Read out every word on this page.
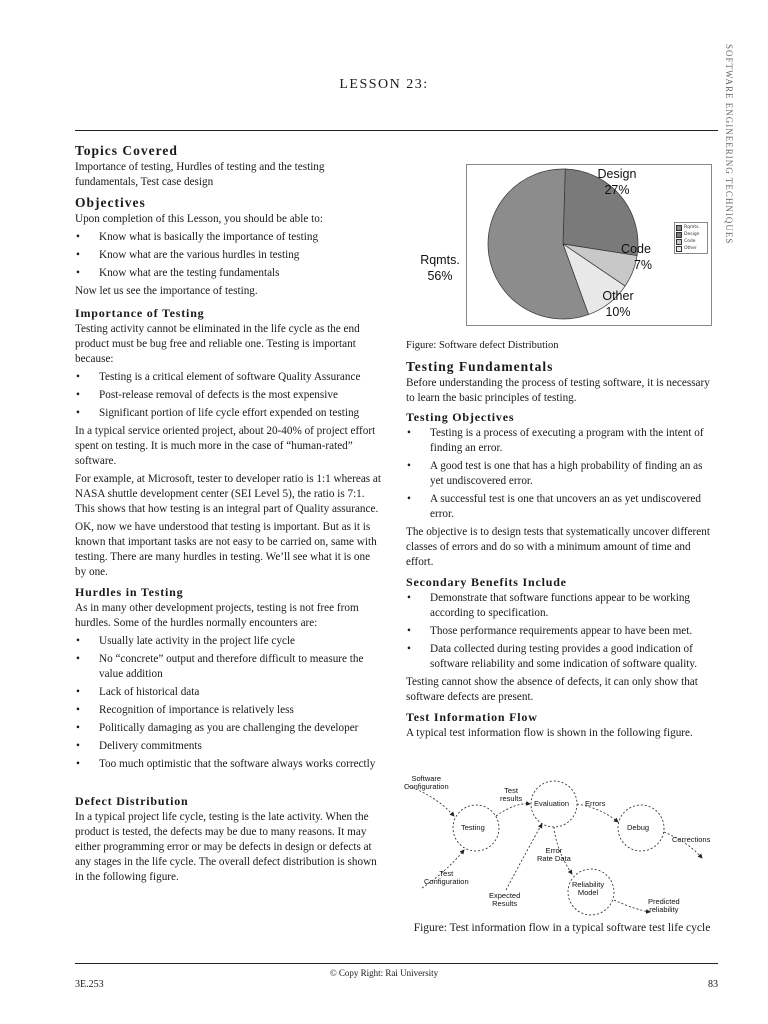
SOFTWARE ENGINEERING TECHNIQUES
LESSON 23:
Topics Covered

Importance of testing, Hurdles of testing and the testing fundamentals, Test case design

Objectives

Upon completion of this Lesson, you should be able to:

• Know what is basically the importance of testing
• Know what are the various hurdles in testing
• Know what are the testing fundamentals

Now let us see the importance of testing.

Importance of Testing

Testing activity cannot be eliminated in the life cycle as the end product must be bug free and reliable one. Testing is important because:

• Testing is a critical element of software Quality Assurance
• Post-release removal of defects is the most expensive
• Significant portion of life cycle effort expended on testing

In a typical service oriented project, about 20-40% of project effort spent on testing. It is much more in the case of “human-rated” software.

For example, at Microsoft, tester to developer ratio is 1:1 whereas at NASA shuttle development center (SEI Level 5), the ratio is 7:1. This shows that how testing is an integral part of Quality assurance.

OK, now we have understood that testing is important. But as it is known that important tasks are not easy to be carried on, same with testing. There are many hurdles in testing. We’ll see what it is one by one.

Hurdles in Testing

As in many other development projects, testing is not free from hurdles. Some of the hurdles normally encounters are:

• Usually late activity in the project life cycle
• No “concrete” output and therefore difficult to measure the value addition
• Lack of historical data
• Recognition of importance is relatively less
• Politically damaging as you are challenging the developer
• Delivery commitments
• Too much optimistic that the software always works correctly
Defect Distribution

In a typical project life cycle, testing is the late activity. When the product is tested, the defects may be due to many reasons. It may either programming error or may be defects in design or defects at any stages in the life cycle. The overall defect distribution is shown in the following figure.

Rqmts.
Design
Code
Other
Design
27%
Rqmts.
56%
Code
7%
Other
10%
Figure: Software defect Distribution
Testing Fundamentals

Before understanding the process of testing software, it is necessary to learn the basic principles of testing.

Testing Objectives
• Testing is a process of executing a program with the intent of finding an error.
• A good test is one that has a high probability of finding an as yet undiscovered error.
• A successful test is one that uncovers an as yet undiscovered error.

The objective is to design tests that systematically uncover different classes of errors and do so with a minimum amount of time and effort.

Secondary Benefits Include
• Demonstrate that software functions appear to be working according to specification.
• Those performance requirements appear to have been met.
• Data collected during testing provides a good indication of software reliability and some indication of software quality.

Testing cannot show the absence of defects, it can only show that software defects are present.

Test Information Flow

A typical test information flow is shown in the following figure.

Software
Configuration	Test
results
Evaluation Errors
Testing	Debug
Corrections
Error
Rate Data
Test
Configuration
Expected
Results
Reliability
Model
Predicted
reliability
Figure: Test information flow in a typical software test life cycle
© Copy Right: Rai University
3E.253	83
